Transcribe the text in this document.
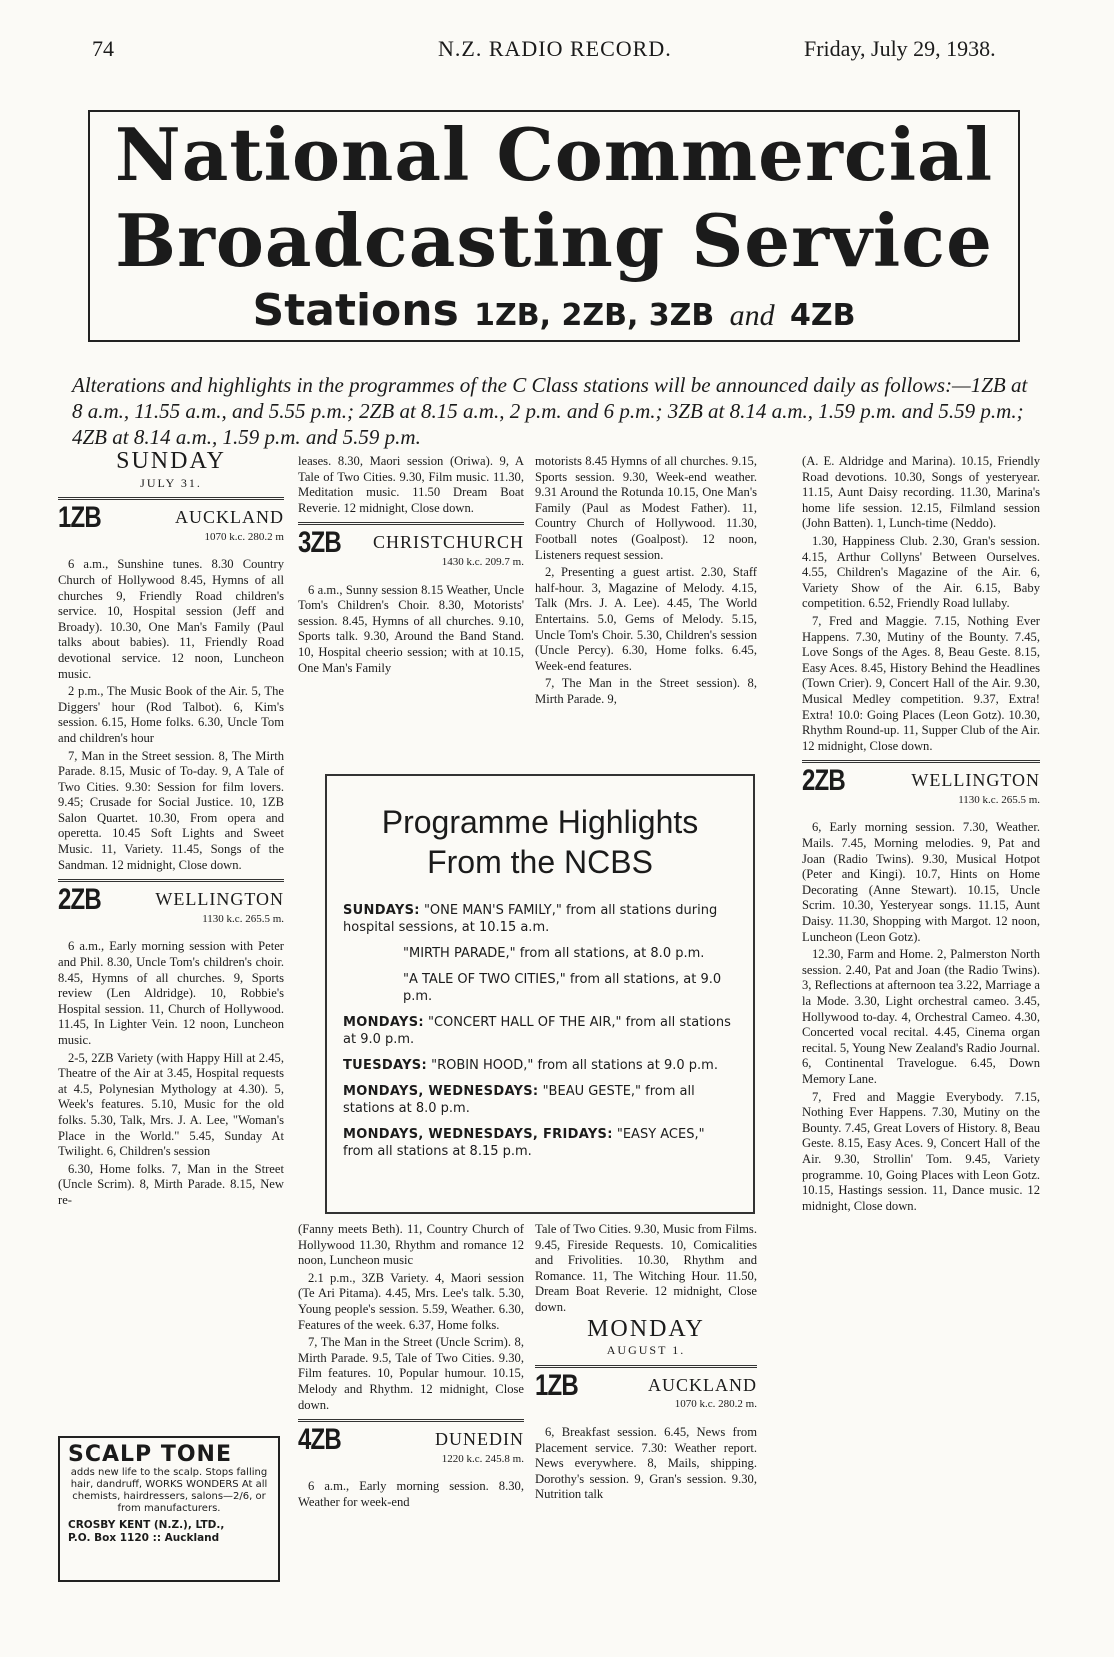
74	N.Z. RADIO RECORD.	Friday, July 29, 1938.
National Commercial
Broadcasting Service
Stations 1ZB, 2ZB, 3ZB and 4ZB
Alterations and highlights in the programmes of the C Class stations will be announced daily as follows:—1ZB at 8 a.m., 11.55 a.m., and 5.55 p.m.; 2ZB at 8.15 a.m., 2 p.m. and 6 p.m.; 3ZB at 8.14 a.m., 1.59 p.m. and 5.59 p.m.; 4ZB at 8.14 a.m., 1.59 p.m. and 5.59 p.m.
SUNDAY
JULY 31.
1ZB	AUCKLAND
1070 k.c. 280.2 m

6 a.m., Sunshine tunes. 8.30 Country Church of Hollywood 8.45, Hymns of all churches 9, Friendly Road children's service. 10, Hospital session (Jeff and Broady). 10.30, One Man's Family (Paul talks about babies). 11, Friendly Road devotional service. 12 noon, Luncheon music.

2 p.m., The Music Book of the Air. 5, The Diggers' hour (Rod Talbot). 6, Kim's session. 6.15, Home folks. 6.30, Uncle Tom and children's hour

7, Man in the Street session. 8, The Mirth Parade. 8.15, Music of To-day. 9, A Tale of Two Cities. 9.30: Session for film lovers. 9.45; Crusade for Social Justice. 10, 1ZB Salon Quartet. 10.30, From opera and operetta. 10.45 Soft Lights and Sweet Music. 11, Variety. 11.45, Songs of the Sandman. 12 midnight, Close down.

2ZB	WELLINGTON
1130 k.c. 265.5 m.

6 a.m., Early morning session with Peter and Phil. 8.30, Uncle Tom's children's choir. 8.45, Hymns of all churches. 9, Sports review (Len Aldridge). 10, Robbie's Hospital session. 11, Church of Hollywood. 11.45, In Lighter Vein. 12 noon, Luncheon music.

2-5, 2ZB Variety (with Happy Hill at 2.45, Theatre of the Air at 3.45, Hospital requests at 4.5, Polynesian Mythology at 4.30). 5, Week's features. 5.10, Music for the old folks. 5.30, Talk, Mrs. J. A. Lee, "Woman's Place in the World." 5.45, Sunday At Twilight. 6, Children's session

6.30, Home folks. 7, Man in the Street (Uncle Scrim). 8, Mirth Parade. 8.15, New re-

SCALP TONE
adds new life to the scalp. Stops falling hair, dandruff, WORKS WONDERS At all chemists, hairdressers, salons—2/6, or from manufacturers.
CROSBY KENT (N.Z.), LTD.,
P.O. Box 1120 :: Auckland

leases. 8.30, Maori session (Oriwa). 9, A Tale of Two Cities. 9.30, Film music. 11.30, Meditation music. 11.50 Dream Boat Reverie. 12 midnight, Close down.

3ZB	CHRISTCHURCH
1430 k.c. 209.7 m.

6 a.m., Sunny session 8.15 Weather, Uncle Tom's Children's Choir. 8.30, Motorists' session. 8.45, Hymns of all churches. 9.10, Sports talk. 9.30, Around the Band Stand. 10, Hospital cheerio session; with at 10.15, One Man's Family

(Fanny meets Beth). 11, Country Church of Hollywood 11.30, Rhythm and romance 12 noon, Luncheon music

2.1 p.m., 3ZB Variety. 4, Maori session (Te Ari Pitama). 4.45, Mrs. Lee's talk. 5.30, Young people's session. 5.59, Weather. 6.30, Features of the week. 6.37, Home folks.

7, The Man in the Street (Uncle Scrim). 8, Mirth Parade. 9.5, Tale of Two Cities. 9.30, Film features. 10, Popular humour. 10.15, Melody and Rhythm. 12 midnight, Close down.

4ZB	DUNEDIN
1220 k.c. 245.8 m.

6 a.m., Early morning session. 8.30, Weather for week-end

motorists 8.45 Hymns of all churches. 9.15, Sports session. 9.30, Week-end weather. 9.31 Around the Rotunda 10.15, One Man's Family (Paul as Modest Father). 11, Country Church of Hollywood. 11.30, Football notes (Goalpost). 12 noon, Listeners request session.

2, Presenting a guest artist. 2.30, Staff half-hour. 3, Magazine of Melody. 4.15, Talk (Mrs. J. A. Lee). 4.45, The World Entertains. 5.0, Gems of Melody. 5.15, Uncle Tom's Choir. 5.30, Children's session (Uncle Percy). 6.30, Home folks. 6.45, Week-end features.

7, The Man in the Street session). 8, Mirth Parade. 9,

Tale of Two Cities. 9.30, Music from Films. 9.45, Fireside Requests. 10, Comicalities and Frivolities. 10.30, Rhythm and Romance. 11, The Witching Hour. 11.50, Dream Boat Reverie. 12 midnight, Close down.

MONDAY
AUGUST 1.
1ZB	AUCKLAND
1070 k.c. 280.2 m.

6, Breakfast session. 6.45, News from Placement service. 7.30: Weather report. News everywhere. 8, Mails, shipping. Dorothy's session. 9, Gran's session. 9.30, Nutrition talk

Programme Highlights
From the NCBS
SUNDAYS: "ONE MAN'S FAMILY," from all stations during hospital sessions, at 10.15 a.m.
"MIRTH PARADE," from all stations, at 8.0 p.m.
"A TALE OF TWO CITIES," from all stations, at 9.0 p.m.
MONDAYS: "CONCERT HALL OF THE AIR," from all stations at 9.0 p.m.
TUESDAYS: "ROBIN HOOD," from all stations at 9.0 p.m.
MONDAYS, WEDNESDAYS: "BEAU GESTE," from all stations at 8.0 p.m.
MONDAYS, WEDNESDAYS, FRIDAYS: "EASY ACES," from all stations at 8.15 p.m.

(A. E. Aldridge and Marina). 10.15, Friendly Road devotions. 10.30, Songs of yesteryear. 11.15, Aunt Daisy recording. 11.30, Marina's home life session. 12.15, Filmland session (John Batten). 1, Lunch-time (Neddo).

1.30, Happiness Club. 2.30, Gran's session. 4.15, Arthur Collyns' Between Ourselves. 4.55, Children's Magazine of the Air. 6, Variety Show of the Air. 6.15, Baby competition. 6.52, Friendly Road lullaby.

7, Fred and Maggie. 7.15, Nothing Ever Happens. 7.30, Mutiny of the Bounty. 7.45, Love Songs of the Ages. 8, Beau Geste. 8.15, Easy Aces. 8.45, History Behind the Headlines (Town Crier). 9, Concert Hall of the Air. 9.30, Musical Medley competition. 9.37, Extra! Extra! 10.0: Going Places (Leon Gotz). 10.30, Rhythm Round-up. 11, Supper Club of the Air. 12 midnight, Close down.

2ZB	WELLINGTON
1130 k.c. 265.5 m.

6, Early morning session. 7.30, Weather. Mails. 7.45, Morning melodies. 9, Pat and Joan (Radio Twins). 9.30, Musical Hotpot (Peter and Kingi). 10.7, Hints on Home Decorating (Anne Stewart). 10.15, Uncle Scrim. 10.30, Yesteryear songs. 11.15, Aunt Daisy. 11.30, Shopping with Margot. 12 noon, Luncheon (Leon Gotz).

12.30, Farm and Home. 2, Palmerston North session. 2.40, Pat and Joan (the Radio Twins). 3, Reflections at afternoon tea 3.22, Marriage a la Mode. 3.30, Light orchestral cameo. 3.45, Hollywood to-day. 4, Orchestral Cameo. 4.30, Concerted vocal recital. 4.45, Cinema organ recital. 5, Young New Zealand's Radio Journal. 6, Continental Travelogue. 6.45, Down Memory Lane.

7, Fred and Maggie Everybody. 7.15, Nothing Ever Happens. 7.30, Mutiny on the Bounty. 7.45, Great Lovers of History. 8, Beau Geste. 8.15, Easy Aces. 9, Concert Hall of the Air. 9.30, Strollin' Tom. 9.45, Variety programme. 10, Going Places with Leon Gotz. 10.15, Hastings session. 11, Dance music. 12 midnight, Close down.
